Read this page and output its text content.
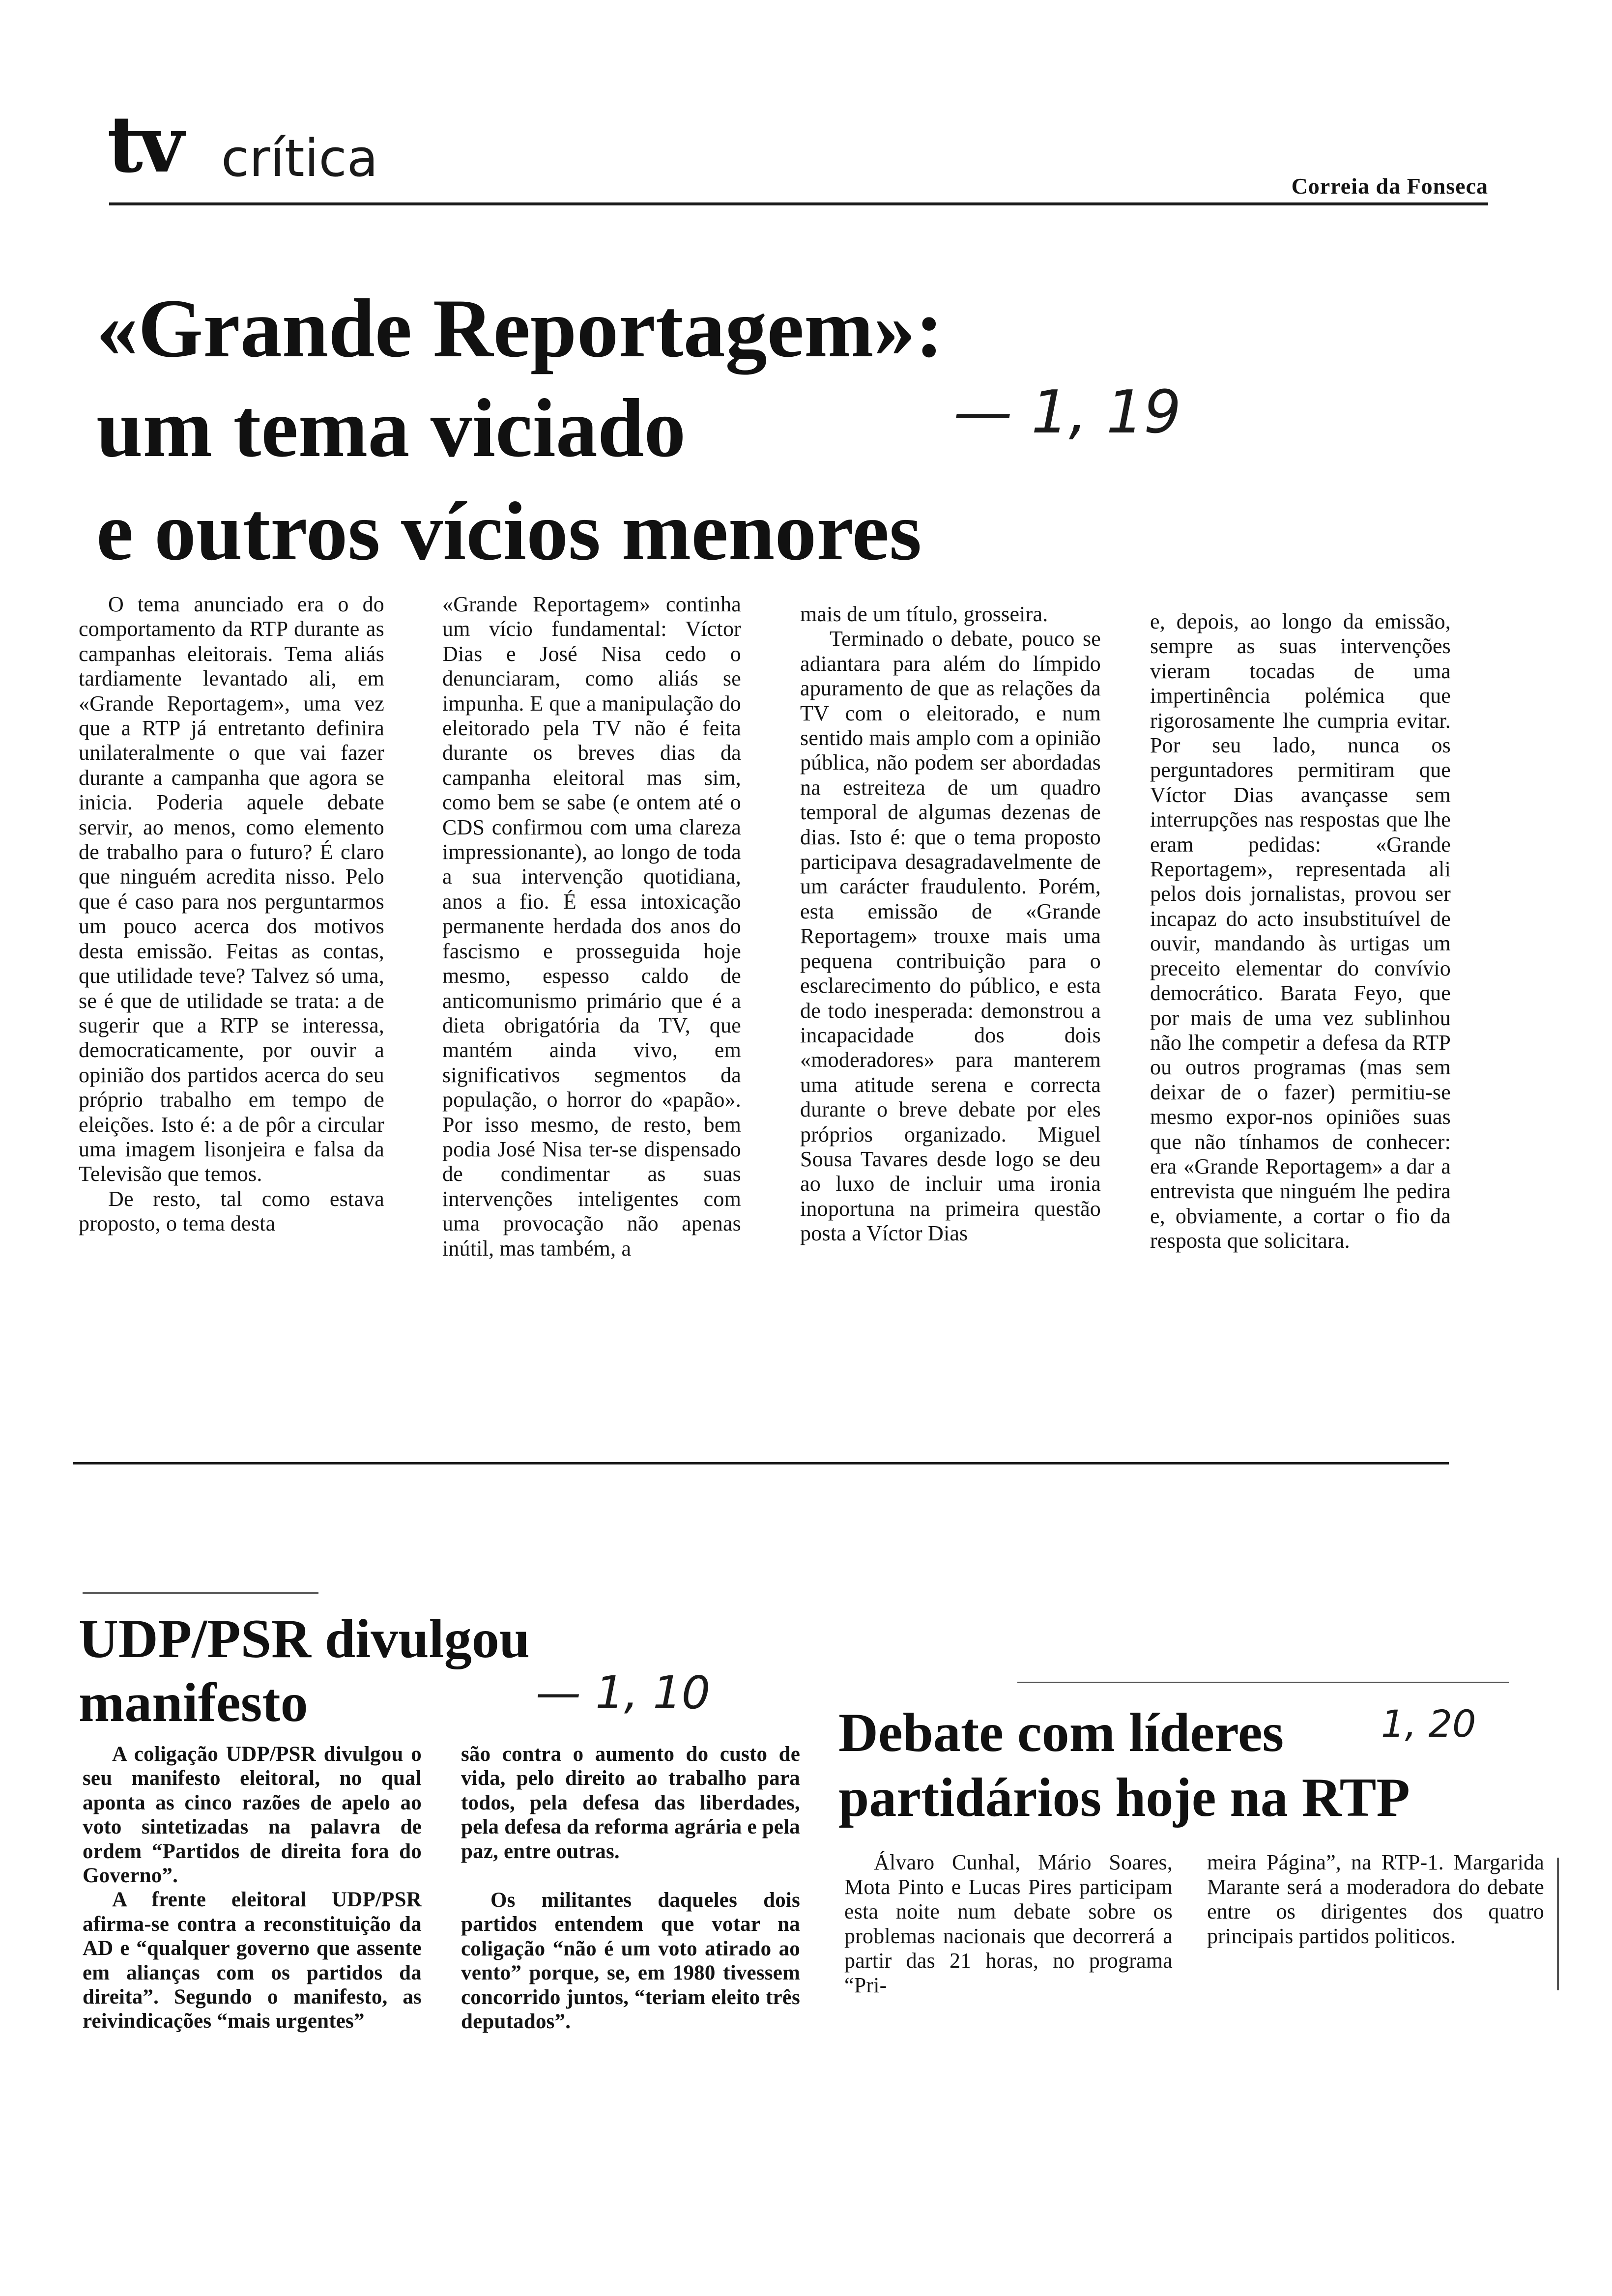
tv crítica	Correia da Fonseca
«Grande Reportagem»:
um tema viciado
e outros vícios menores
— 1, 19

O tema anunciado era o do comportamento da RTP durante as campanhas eleitorais. Tema aliás tardiamente levantado ali, em «Grande Reportagem», uma vez que a RTP já entretanto definira unilateralmente o que vai fazer durante a campanha que agora se inicia. Poderia aquele debate servir, ao menos, como elemento de trabalho para o futuro? É claro que ninguém acredita nisso. Pelo que é caso para nos perguntarmos um pouco acerca dos motivos desta emissão. Feitas as contas, que utilidade teve? Talvez só uma, se é que de utilidade se trata: a de sugerir que a RTP se interessa, democraticamente, por ouvir a opinião dos partidos acerca do seu próprio trabalho em tempo de eleições. Isto é: a de pôr a circular uma imagem lisonjeira e falsa da Televisão que temos.

De resto, tal como estava proposto, o tema desta

«Grande Reportagem» continha um vício fundamental: Víctor Dias e José Nisa cedo o denunciaram, como aliás se impunha. E que a manipulação do eleitorado pela TV não é feita durante os breves dias da campanha eleitoral mas sim, como bem se sabe (e ontem até o CDS confirmou com uma clareza impressionante), ao longo de toda a sua intervenção quotidiana, anos a fio. É essa intoxicação permanente herdada dos anos do fascismo e prosseguida hoje mesmo, espesso caldo de anticomunismo primário que é a dieta obrigatória da TV, que mantém ainda vivo, em significativos segmentos da população, o horror do «papão». Por isso mesmo, de resto, bem podia José Nisa ter-se dispensado de condimentar as suas intervenções inteligentes com uma provocação não apenas inútil, mas também, a

mais de um título, grosseira.

Terminado o debate, pouco se adiantara para além do límpido apuramento de que as relações da TV com o eleitorado, e num sentido mais amplo com a opinião pública, não podem ser abordadas na estreiteza de um quadro temporal de algumas dezenas de dias. Isto é: que o tema proposto participava desagradavelmente de um carácter fraudulento. Porém, esta emissão de «Grande Reportagem» trouxe mais uma pequena contribuição para o esclarecimento do público, e esta de todo inesperada: demonstrou a incapacidade dos dois «moderadores» para manterem uma atitude serena e correcta durante o breve debate por eles próprios organizado. Miguel Sousa Tavares desde logo se deu ao luxo de incluir uma ironia inoportuna na primeira questão posta a Víctor Dias

e, depois, ao longo da emissão, sempre as suas intervenções vieram tocadas de uma impertinência polémica que rigorosamente lhe cumpria evitar. Por seu lado, nunca os perguntadores permitiram que Víctor Dias avançasse sem interrupções nas respostas que lhe eram pedidas: «Grande Reportagem», representada ali pelos dois jornalistas, provou ser incapaz do acto insubstituível de ouvir, mandando às urtigas um preceito elementar do convívio democrático. Barata Feyo, que por mais de uma vez sublinhou não lhe competir a defesa da RTP ou outros programas (mas sem deixar de o fazer) permitiu-se mesmo expor-nos opiniões suas que não tínhamos de conhecer: era «Grande Reportagem» a dar a entrevista que ninguém lhe pedira e, obviamente, a cortar o fio da resposta que solicitara.

UDP/PSR divulgou
manifesto	— 1, 10

A coligação UDP/PSR divulgou o seu manifesto eleitoral, no qual aponta as cinco razões de apelo ao voto sintetizadas na palavra de ordem “Partidos de direita fora do Governo”.

A frente eleitoral UDP/PSR afirma-se contra a reconstituição da AD e “qualquer governo que assente em alianças com os partidos da direita”. Segundo o manifesto, as reivindicações “mais urgentes”

são contra o aumento do custo de vida, pelo direito ao trabalho para todos, pela defesa das liberdades, pela defesa da reforma agrária e pela paz, entre outras.

Os militantes daqueles dois partidos entendem que votar na coligação “não é um voto atirado ao vento” porque, se, em 1980 tivessem concorrido juntos, “teriam eleito três deputados”.

Debate com líderes
partidários hoje na RTP
1, 20

Álvaro Cunhal, Mário Soares, Mota Pinto e Lucas Pires participam esta noite num debate sobre os problemas nacionais que decorrerá a partir das 21 horas, no programa “Pri-

meira Página”, na RTP-1. Margarida Marante será a moderadora do debate entre os dirigentes dos quatro principais partidos politicos.
